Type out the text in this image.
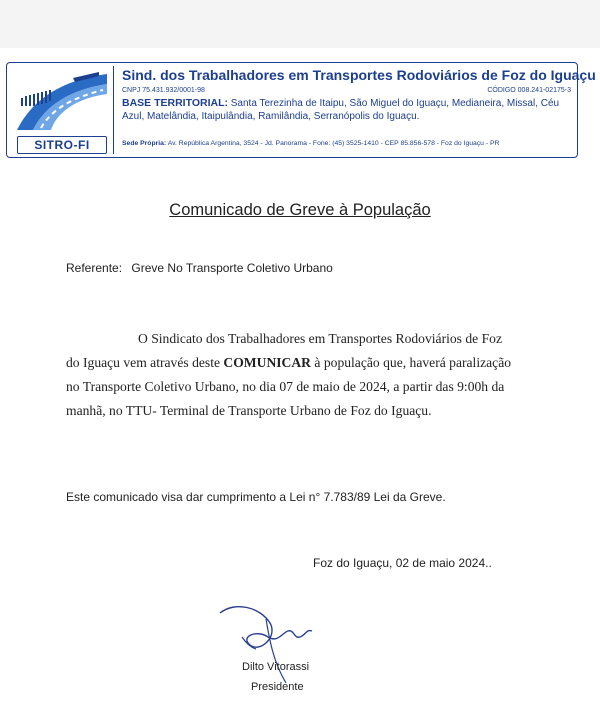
SITRO-FI
Sind. dos Trabalhadores em Transportes Rodoviários de Foz do Iguaçu
CNPJ 75.431.932/0001-98	CÓDIGO 008.241-02175-3
BASE TERRITORIAL: Santa Terezinha de Itaipu, São Miguel do Iguaçu, Medianeira, Missal, Céu Azul, Matelândia, Itaipulândia, Ramilândia, Serranópolis do Iguaçu.
Sede Própria: Av. República Argentina, 3524 - Jd. Panorama - Fone: (45) 3525-1410 - CEP 85.856-578 - Foz do Iguaçu - PR
Comunicado de Greve à População
Referente: Greve No Transporte Coletivo Urbano
O Sindicato dos Trabalhadores em Transportes Rodoviários de Foz do Iguaçu vem através deste COMUNICAR à população que, haverá paralização no Transporte Coletivo Urbano, no dia 07 de maio de 2024, a partir das 9:00h da manhã, no TTU- Terminal de Transporte Urbano de Foz do Iguaçu.
Este comunicado visa dar cumprimento a Lei n° 7.783/89 Lei da Greve.
Foz do Iguaçu, 02 de maio 2024..
Dilto Vitorassi
Presidente
